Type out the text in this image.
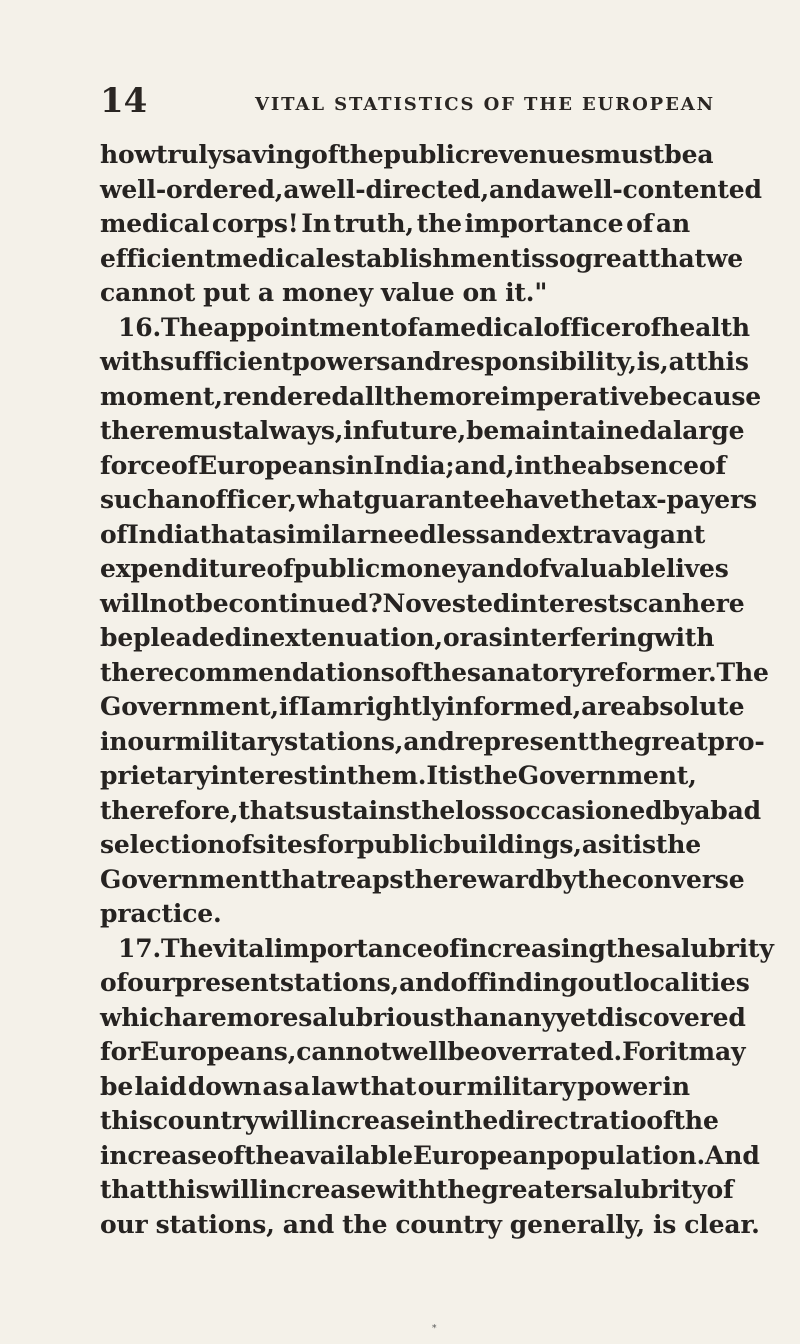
14	VITAL STATISTICS OF THE EUROPEAN
how truly saving of the public revenues must be a
well-ordered, a well-directed, and a well-contented
medical corps! In truth, the importance of an
efficient medical establishment is so great that we
cannot put a money value on it."
16. The appointment of a medical officer of health
with sufficient powers and responsibility, is, at this
moment, rendered all the more imperative because
there must always, in future, be maintained a large
force of Europeans in India ; and, in the absence of
such an officer, what guarantee have the tax-payers
of India that a similar needless and extravagant
expenditure of public money and of valuable lives
will not be continued ? No vested interests can here
be pleaded in extenuation, or as interfering with
the recommendations of the sanatory reformer. The
Government, if I am rightly informed, are absolute
in our military stations, and represent the great pro-
prietary interest in them. It is the Government,
therefore, that sustains the loss occasioned by a bad
selection of sites for public buildings, as it is the
Government that reaps the reward by the converse
practice.
17. The vital importance of increasing the salubrity
of our present stations, and of finding out localities
which are more salubrious than any yet discovered
for Europeans, cannot well be overrated. For it may
be laid down as a law that our military power in
this country will increase in the direct ratio of the
increase of the available European population. And
that this will increase with the greater salubrity of
our stations, and the country generally, is clear.
*
